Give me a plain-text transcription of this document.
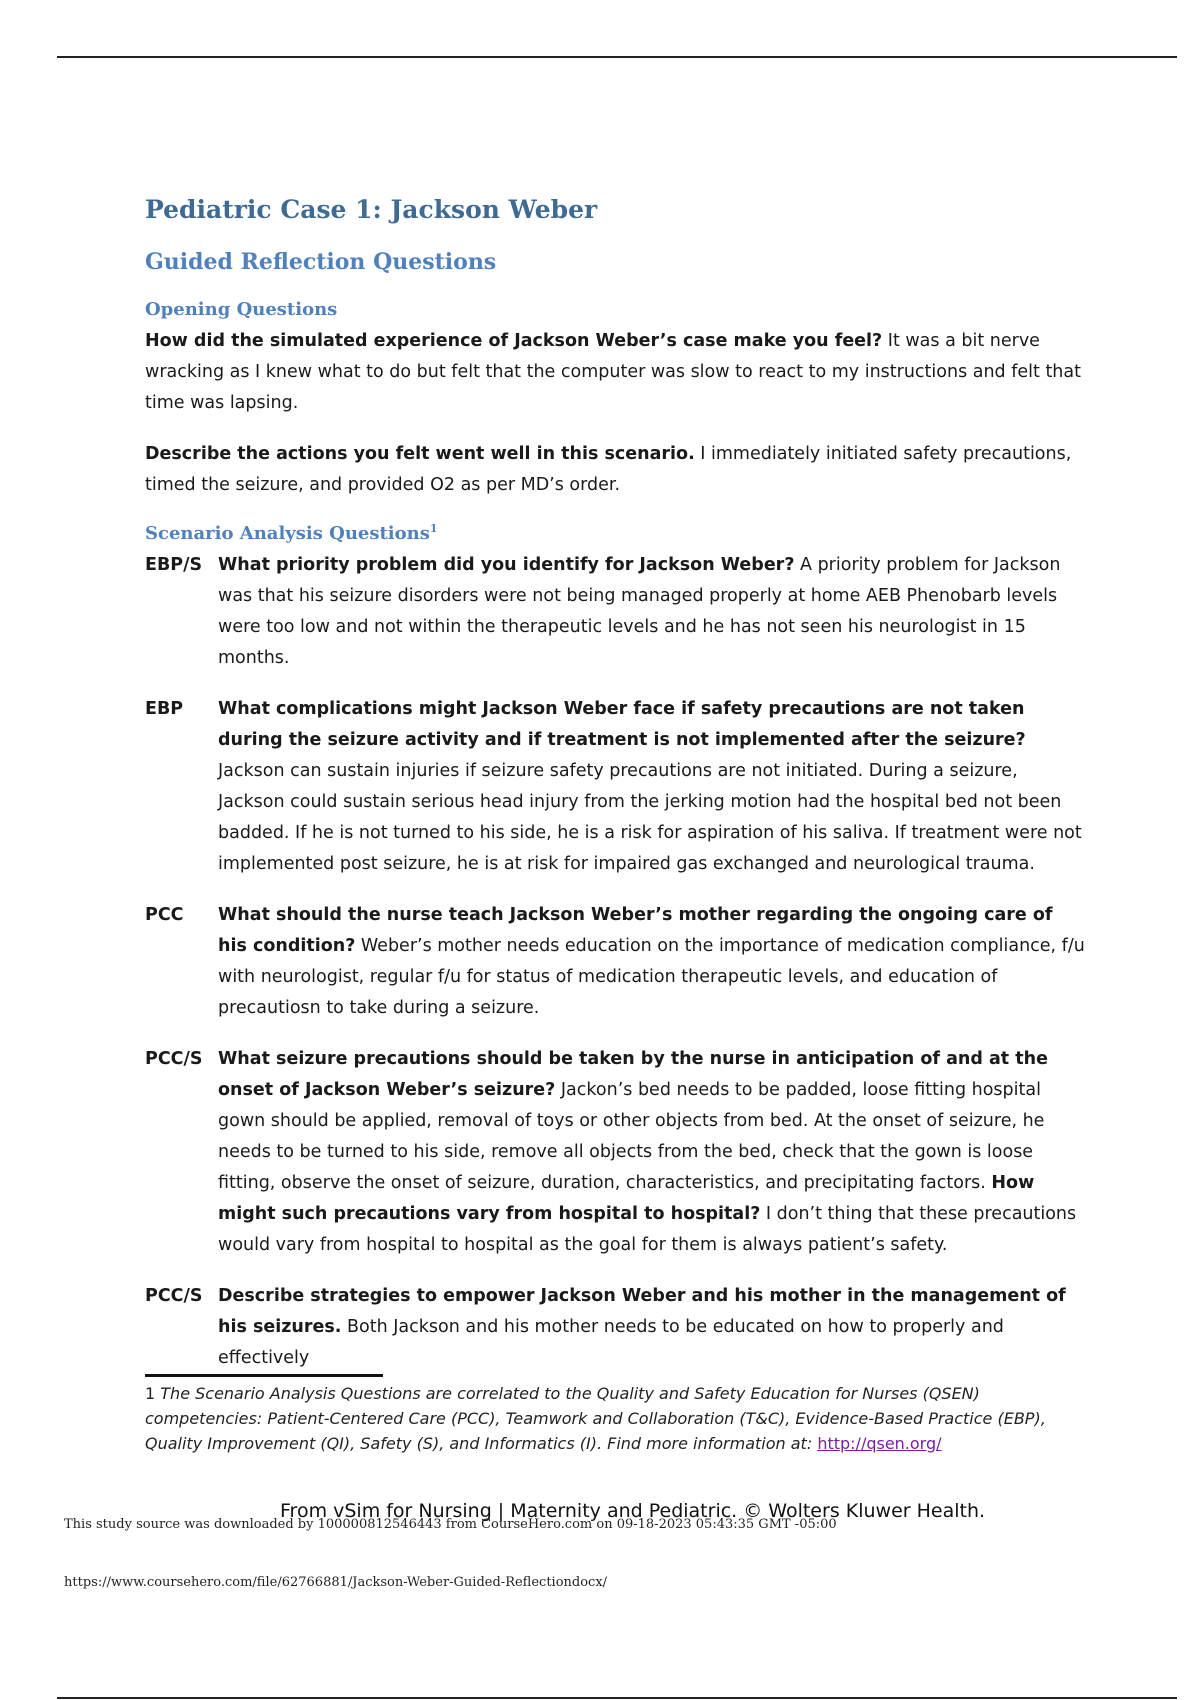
Pediatric Case 1: Jackson Weber
Guided Reflection Questions
Opening Questions

How did the simulated experience of Jackson Weber’s case make you feel? It was a bit nerve wracking as I knew what to do but felt that the computer was slow to react to my instructions and felt that time was lapsing.

Describe the actions you felt went well in this scenario. I immediately initiated safety precautions, timed the seizure, and provided O2 as per MD’s order.

Scenario Analysis Questions$^1$
EBP/S What priority problem did you identify for Jackson Weber? A priority problem for Jackson was that his seizure disorders were not being managed properly at home AEB Phenobarb levels were too low and not within the therapeutic levels and he has not seen his neurologist in 15 months.
EBP	What complications might Jackson Weber face if safety precautions are not taken during the seizure activity and if treatment is not implemented after the seizure? Jackson can sustain injuries if seizure safety precautions are not initiated. During a seizure, Jackson could sustain serious head injury from the jerking motion had the hospital bed not been badded. If he is not turned to his side, he is a risk for aspiration of his saliva. If treatment were not implemented post seizure, he is at risk for impaired gas exchanged and neurological trauma.
PCC	What should the nurse teach Jackson Weber’s mother regarding the ongoing care of his condition? Weber’s mother needs education on the importance of medication compliance, f/u with neurologist, regular f/u for status of medication therapeutic levels, and education of precautiosn to take during a seizure.
PCC/S What seizure precautions should be taken by the nurse in anticipation of and at the onset of Jackson Weber’s seizure? Jackon’s bed needs to be padded, loose fitting hospital gown should be applied, removal of toys or other objects from bed. At the onset of seizure, he needs to be turned to his side, remove all objects from the bed, check that the gown is loose fitting, observe the onset of seizure, duration, characteristics, and precipitating factors. How might such precautions vary from hospital to hospital? I don’t thing that these precautions would vary from hospital to hospital as the goal for them is always patient’s safety.
PCC/S Describe strategies to empower Jackson Weber and his mother in the management of his seizures. Both Jackson and his mother needs to be educated on how to properly and effectively
1 The Scenario Analysis Questions are correlated to the Quality and Safety Education for Nurses (QSEN) competencies: Patient-Centered Care (PCC), Teamwork and Collaboration (T&C), Evidence-Based Practice (EBP), Quality Improvement (QI), Safety (S), and Informatics (I). Find more information at: http://qsen.org/
From vSim for Nursing | Maternity and Pediatric. © Wolters Kluwer Health.
This study source was downloaded by 100000812546443 from CourseHero.com on 09-18-2023 05:43:35 GMT -05:00
https://www.coursehero.com/file/62766881/Jackson-Weber-Guided-Reflectiondocx/
